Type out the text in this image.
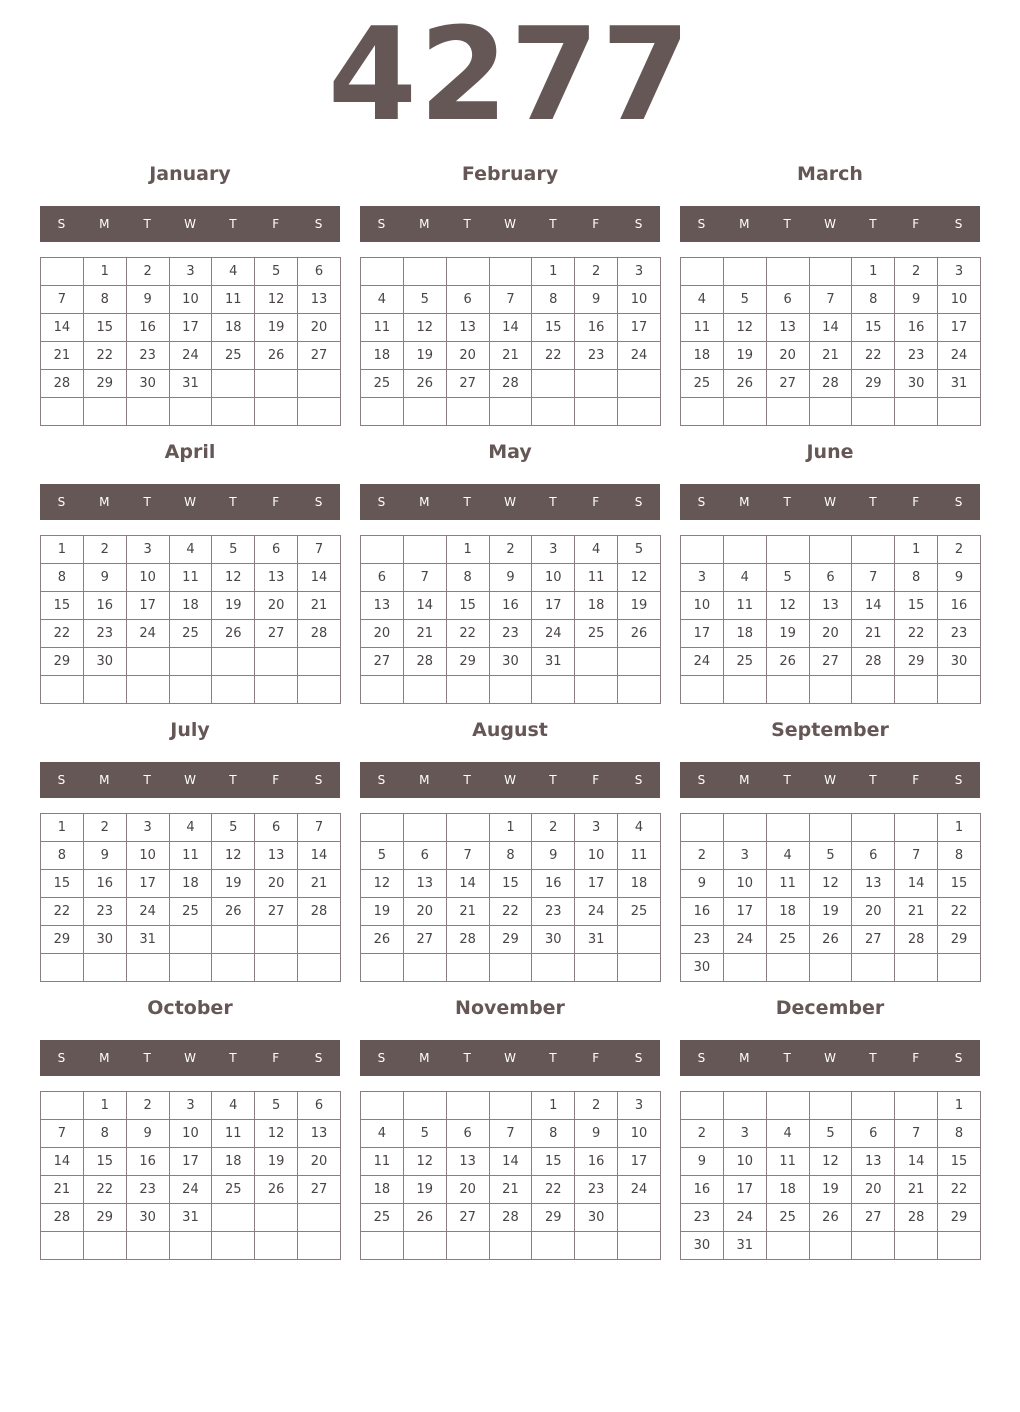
4277
January
S	M	T	W	T	F	S
	1	2	3	4	5	6
7	8	9	10	11	12	13
14	15	16	17	18	19	20
21	22	23	24	25	26	27
28	29	30	31			

February
S	M	T	W	T	F	S
				1	2	3
4	5	6	7	8	9	10
11	12	13	14	15	16	17
18	19	20	21	22	23	24
25	26	27	28			

March
S	M	T	W	T	F	S
				1	2	3
4	5	6	7	8	9	10
11	12	13	14	15	16	17
18	19	20	21	22	23	24
25	26	27	28	29	30	31

April
S	M	T	W	T	F	S
1	2	3	4	5	6	7
8	9	10	11	12	13	14
15	16	17	18	19	20	21
22	23	24	25	26	27	28
29	30					

May
S	M	T	W	T	F	S
		1	2	3	4	5
6	7	8	9	10	11	12
13	14	15	16	17	18	19
20	21	22	23	24	25	26
27	28	29	30	31		

June
S	M	T	W	T	F	S
					1	2
3	4	5	6	7	8	9
10	11	12	13	14	15	16
17	18	19	20	21	22	23
24	25	26	27	28	29	30

July
S	M	T	W	T	F	S
1	2	3	4	5	6	7
8	9	10	11	12	13	14
15	16	17	18	19	20	21
22	23	24	25	26	27	28
29	30	31				

August
S	M	T	W	T	F	S
			1	2	3	4
5	6	7	8	9	10	11
12	13	14	15	16	17	18
19	20	21	22	23	24	25
26	27	28	29	30	31	

September
S	M	T	W	T	F	S
						1
2	3	4	5	6	7	8
9	10	11	12	13	14	15
16	17	18	19	20	21	22
23	24	25	26	27	28	29
30						
October
S	M	T	W	T	F	S
	1	2	3	4	5	6
7	8	9	10	11	12	13
14	15	16	17	18	19	20
21	22	23	24	25	26	27
28	29	30	31			

November
S	M	T	W	T	F	S
				1	2	3
4	5	6	7	8	9	10
11	12	13	14	15	16	17
18	19	20	21	22	23	24
25	26	27	28	29	30	

December
S	M	T	W	T	F	S
						1
2	3	4	5	6	7	8
9	10	11	12	13	14	15
16	17	18	19	20	21	22
23	24	25	26	27	28	29
30	31					
